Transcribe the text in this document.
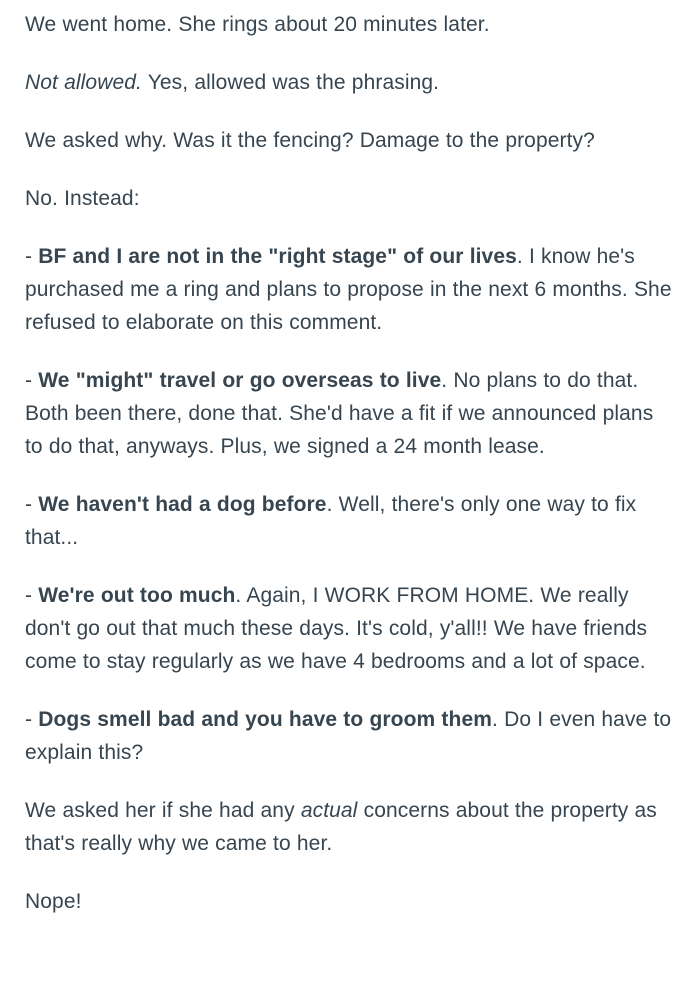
We went home. She rings about 20 minutes later.

Not allowed. Yes, allowed was the phrasing.

We asked why. Was it the fencing? Damage to the property?

No. Instead:

- BF and I are not in the "right stage" of our lives. I know he's purchased me a ring and plans to propose in the next 6 months. She refused to elaborate on this comment.

- We "might" travel or go overseas to live. No plans to do that. Both been there, done that. She'd have a fit if we announced plans to do that, anyways. Plus, we signed a 24 month lease.

- We haven't had a dog before. Well, there's only one way to fix that...

- We're out too much. Again, I WORK FROM HOME. We really don't go out that much these days. It's cold, y'all!! We have friends come to stay regularly as we have 4 bedrooms and a lot of space.

- Dogs smell bad and you have to groom them. Do I even have to explain this?

We asked her if she had any actual concerns about the property as that's really why we came to her.

Nope!
